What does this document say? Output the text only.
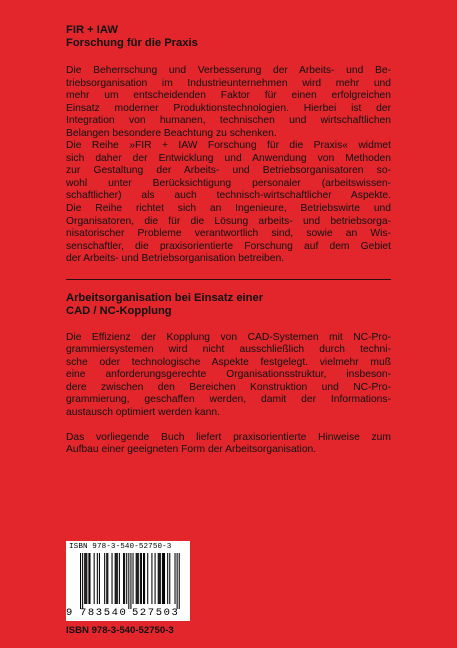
FIR + IAW
Forschung für die Praxis

Die Beherrschung und Verbesserung der Arbeits- und Be-
triebsorganisation im Industrieunternehmen wird mehr und
mehr um entscheidenden Faktor für einen erfolgreichen
Einsatz moderner Produktionstechnologien. Hierbei ist der
Integration von humanen, technischen und wirtschaftlichen
Belangen besondere Beachtung zu schenken.
Die Reihe »FIR + IAW Forschung für die Praxis« widmet
sich daher der Entwicklung und Anwendung von Methoden
zur Gestaltung der Arbeits- und Betriebsorganisatoren so-
wohl unter Berücksichtigung personaler (arbeitswissen-
schaftlicher) als auch technisch-wirtschaftlicher Aspekte.
Die Reihe richtet sich an Ingenieure, Betriebswirte und
Organisatoren, die für die Lösung arbeits- und betriebsorga-
nisatorischer Probleme verantwortlich sind, sowie an Wis-
senschaftler, die praxisorientierte Forschung auf dem Gebiet
der Arbeits- und Betriebsorganisation betreiben.

Arbeitsorganisation bei Einsatz einer
CAD / NC-Kopplung

Die Effizienz der Kopplung von CAD-Systemen mit NC-Pro-
grammiersystemen wird nicht ausschließlich durch techni-
sche oder technologische Aspekte festgelegt. vielmehr muß
eine anforderungsgerechte Organisationsstruktur, insbeson-
dere zwischen den Bereichen Konstruktion und NC-Pro-
grammierung, geschaffen werden, damit der Informations-
austausch optimiert werden kann.
Das vorliegende Buch liefert praxisorientierte Hinweise zum
Aufbau einer geeigneten Form der Arbeitsorganisation.
ISBN 978-3-540-52750-3
9 783540 527503
ISBN 978-3-540-52750-3
